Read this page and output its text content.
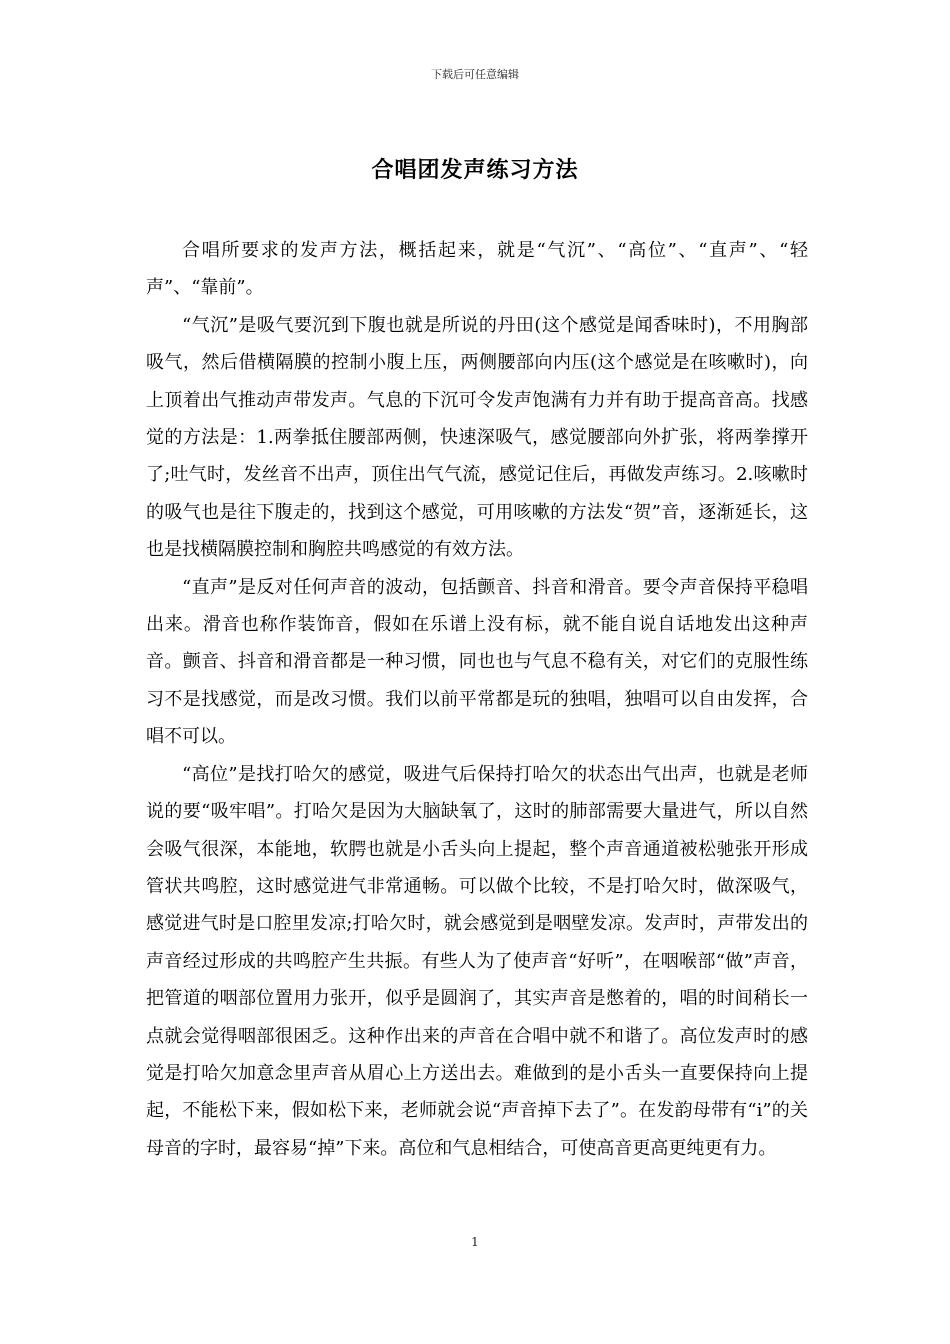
下载后可任意编辑
合唱团发声练习方法

合唱所要求的发声方法，概括起来，就是“气沉”、“高位”、“直声”、“轻声”、“靠前”。

“气沉”是吸气要沉到下腹也就是所说的丹田(这个感觉是闻香味时)，不用胸部吸气，然后借横隔膜的控制小腹上压，两侧腰部向内压(这个感觉是在咳嗽时)，向上顶着出气推动声带发声。气息的下沉可令发声饱满有力并有助于提高音高。找感觉的方法是：1.两拳抵住腰部两侧，快速深吸气，感觉腰部向外扩张，将两拳撑开了;吐气时，发丝音不出声，顶住出气气流，感觉记住后，再做发声练习。2.咳嗽时的吸气也是往下腹走的，找到这个感觉，可用咳嗽的方法发“贺”音，逐渐延长，这也是找横隔膜控制和胸腔共鸣感觉的有效方法。

“直声”是反对任何声音的波动，包括颤音、抖音和滑音。要令声音保持平稳唱出来。滑音也称作装饰音，假如在乐谱上没有标，就不能自说自话地发出这种声音。颤音、抖音和滑音都是一种习惯，同也也与气息不稳有关，对它们的克服性练习不是找感觉，而是改习惯。我们以前平常都是玩的独唱，独唱可以自由发挥，合唱不可以。

“高位”是找打哈欠的感觉，吸进气后保持打哈欠的状态出气出声，也就是老师说的要“吸牢唱”。打哈欠是因为大脑缺氧了，这时的肺部需要大量进气，所以自然会吸气很深，本能地，软腭也就是小舌头向上提起，整个声音通道被松驰张开形成管状共鸣腔，这时感觉进气非常通畅。可以做个比较，不是打哈欠时，做深吸气，感觉进气时是口腔里发凉;打哈欠时，就会感觉到是咽壁发凉。发声时，声带发出的声音经过形成的共鸣腔产生共振。有些人为了使声音“好听”，在咽喉部“做”声音，把管道的咽部位置用力张开，似乎是圆润了，其实声音是憋着的，唱的时间稍长一点就会觉得咽部很困乏。这种作出来的声音在合唱中就不和谐了。高位发声时的感觉是打哈欠加意念里声音从眉心上方送出去。难做到的是小舌头一直要保持向上提起，不能松下来，假如松下来，老师就会说“声音掉下去了”。在发韵母带有“i”的关母音的字时，最容易“掉”下来。高位和气息相结合，可使高音更高更纯更有力。

1
